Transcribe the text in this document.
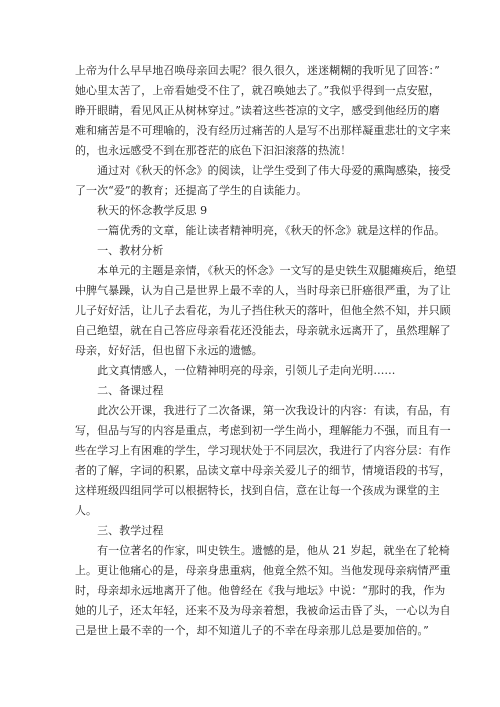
上帝为什么早早地召唤母亲回去呢？很久很久，迷迷糊糊的我听见了回答：”
她心里太苦了，上帝看她受不住了，就召唤她去了。”我似乎得到一点安慰，
睁开眼睛，看见风正从树林穿过。”读着这些苍凉的文字，感受到他经历的磨
难和痛苦是不可理喻的，没有经历过痛苦的人是写不出那样凝重悲壮的文字来
的，也永远感受不到在那苍茫的底色下汩汩滚落的热流！
　　通过对《秋天的怀念》的阅读，让学生受到了伟大母爱的熏陶感染，接受
了一次“爱”的教育；还提高了学生的自读能力。
　　秋天的怀念教学反思 9
　　一篇优秀的文章，能让读者精神明亮，《秋天的怀念》就是这样的作品。
　　一、教材分析
　　本单元的主题是亲情，《秋天的怀念》一文写的是史铁生双腿瘫痪后，绝望
中脾气暴躁，认为自己是世界上最不幸的人，当时母亲已肝癌很严重，为了让
儿子好好活，让儿子去看花，为儿子挡住秋天的落叶，但他全然不知，并只顾
自己绝望，就在自己答应母亲看花还没能去，母亲就永远离开了，虽然理解了
母亲，好好活，但也留下永远的遗憾。
　　此文真情感人，一位精神明亮的母亲，引领儿子走向光明……
　　二、备课过程
　　此次公开课，我进行了二次备课，第一次我设计的内容：有读，有品，有
写，但品与写的内容是重点，考虑到初一学生尚小，理解能力不强，而且有一
些在学习上有困难的学生，学习现状处于不同层次，我进行了内容分层：有作
者的了解，字词的积累，品读文章中母亲关爱儿子的细节，情境语段的书写，
这样班级四组同学可以根据特长，找到自信，意在让每一个孩成为课堂的主
人。
　　三、教学过程
　　有一位著名的作家，叫史铁生。遗憾的是，他从 21 岁起，就坐在了轮椅
上。更让他痛心的是，母亲身患重病，他竟全然不知。当他发现母亲病情严重
时，母亲却永远地离开了他。他曾经在《我与地坛》中说：“那时的我，作为
她的儿子，还太年轻，还来不及为母亲着想，我被命运击昏了头，一心以为自
己是世上最不幸的一个，却不知道儿子的不幸在母亲那儿总是要加倍的。”
